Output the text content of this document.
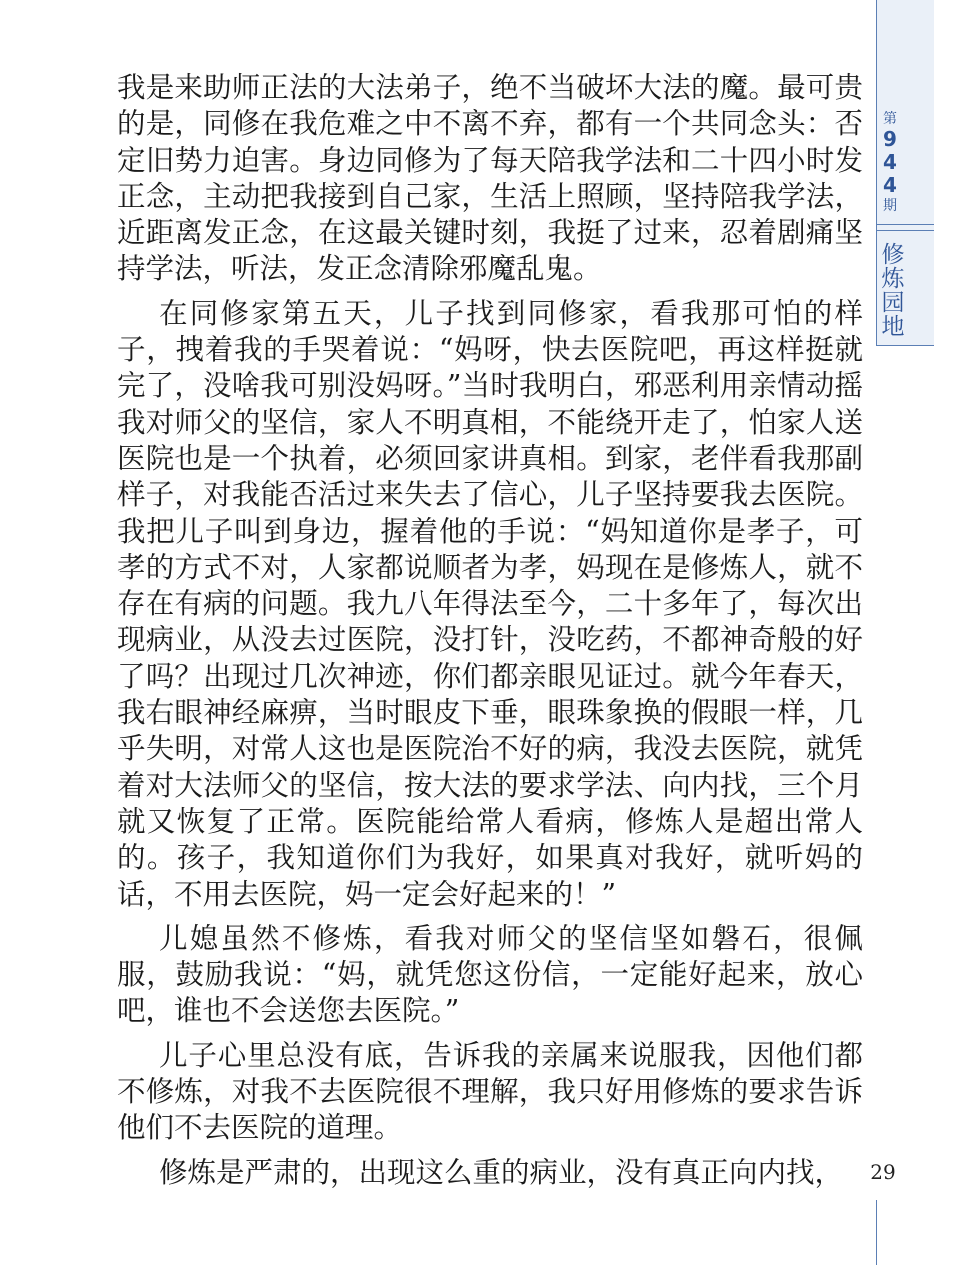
第
9
4
4
期
修
炼
园
地

我是来助师正法的大法弟子，绝不当破坏大法的魔。最可贵的是，同修在我危难之中不离不弃，都有一个共同念头：否定旧势力迫害。身边同修为了每天陪我学法和二十四小时发正念，主动把我接到自己家，生活上照顾，坚持陪我学法，近距离发正念，在这最关键时刻，我挺了过来，忍着剧痛坚持学法，听法，发正念清除邪魔乱鬼。

在同修家第五天，儿子找到同修家，看我那可怕的样子，拽着我的手哭着说：“妈呀，快去医院吧，再这样挺就完了，没啥我可别没妈呀。”当时我明白，邪恶利用亲情动摇我对师父的坚信，家人不明真相，不能绕开走了，怕家人送医院也是一个执着，必须回家讲真相。到家，老伴看我那副样子，对我能否活过来失去了信心，儿子坚持要我去医院。我把儿子叫到身边，握着他的手说：“妈知道你是孝子，可孝的方式不对，人家都说顺者为孝，妈现在是修炼人，就不存在有病的问题。我九八年得法至今，二十多年了，每次出现病业，从没去过医院，没打针，没吃药，不都神奇般的好了吗？出现过几次神迹，你们都亲眼见证过。就今年春天，我右眼神经麻痹，当时眼皮下垂，眼珠象换的假眼一样，几乎失明，对常人这也是医院治不好的病，我没去医院，就凭着对大法师父的坚信，按大法的要求学法、向内找，三个月就又恢复了正常。医院能给常人看病，修炼人是超出常人的。孩子，我知道你们为我好，如果真对我好，就听妈的话，不用去医院，妈一定会好起来的！”

儿媳虽然不修炼，看我对师父的坚信坚如磐石，很佩服，鼓励我说：“妈，就凭您这份信，一定能好起来，放心吧，谁也不会送您去医院。”

儿子心里总没有底，告诉我的亲属来说服我，因他们都不修炼，对我不去医院很不理解，我只好用修炼的要求告诉他们不去医院的道理。

修炼是严肃的，出现这么重的病业，没有真正向内找，	29
